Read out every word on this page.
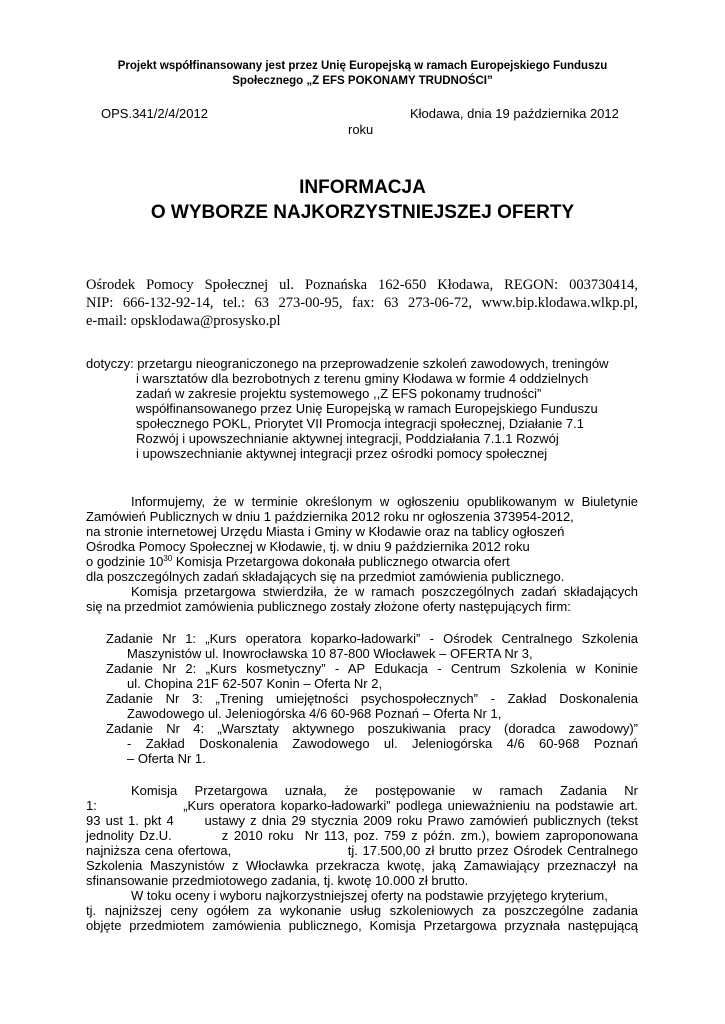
Projekt współfinansowany jest przez Unię Europejską w ramach Europejskiego Funduszu
Społecznego „Z EFS POKONAMY TRUDNOŚCI”
OPS.341/2/4/2012	Kłodawa, dnia 19 października 2012
roku
INFORMACJA
O WYBORZE NAJKORZYSTNIEJSZEJ OFERTY
Ośrodek Pomocy Społecznej ul. Poznańska 162-650 Kłodawa, REGON: 003730414,
NIP: 666-132-92-14, tel.: 63 273-00-95, fax: 63 273-06-72, www.bip.klodawa.wlkp.pl,
e-mail: opsklodawa@prosysko.pl
dotyczy: przetargu nieograniczonego na przeprowadzenie szkoleń zawodowych, treningów
i warsztatów dla bezrobotnych z terenu gminy Kłodawa w formie 4 oddzielnych
zadań w zakresie projektu systemowego ,,Z EFS pokonamy trudności”
współfinansowanego przez Unię Europejską w ramach Europejskiego Funduszu
społecznego POKL, Priorytet VII Promocja integracji społecznej, Działanie 7.1
Rozwój i upowszechnianie aktywnej integracji, Poddziałania 7.1.1 Rozwój
i upowszechnianie aktywnej integracji przez ośrodki pomocy społecznej
Informujemy, że w terminie określonym w ogłoszeniu opublikowanym w Biuletynie
Zamówień Publicznych w dniu 1 października 2012 roku nr ogłoszenia 373954-2012,
na stronie internetowej Urzędu Miasta i Gminy w Kłodawie oraz na tablicy ogłoszeń
Ośrodka Pomocy Społecznej w Kłodawie, tj. w dniu 9 października 2012 roku
o godzinie $10^{30}$ Komisja Przetargowa dokonała publicznego otwarcia ofert
dla poszczególnych zadań składających się na przedmiot zamówienia publicznego.
Komisja przetargowa stwierdziła, że w ramach poszczególnych zadań składających
się na przedmiot zamówienia publicznego zostały złożone oferty następujących firm:
Zadanie Nr 1: „Kurs operatora koparko-ładowarki” - Ośrodek Centralnego Szkolenia
Maszynistów ul. Inowrocławska 10 87-800 Włocławek – OFERTA Nr 3,
Zadanie Nr 2: „Kurs kosmetyczny” - AP Edukacja - Centrum Szkolenia w Koninie
ul. Chopina 21F 62-507 Konin – Oferta Nr 2,
Zadanie Nr 3: „Trening umiejętności psychospołecznych” - Zakład Doskonalenia
Zawodowego ul. Jeleniogórska 4/6 60-968 Poznań – Oferta Nr 1,
Zadanie Nr 4: „Warsztaty aktywnego poszukiwania pracy (doradca zawodowy)”
- Zakład Doskonalenia Zawodowego ul. Jeleniogórska 4/6 60-968 Poznań
– Oferta Nr 1.
Komisja Przetargowa uznała, że postępowanie w ramach Zadania Nr
1:                „Kurs operatora koparko-ładowarki” podlega unieważnieniu na podstawie art.
93 ust 1. pkt 4      ustawy z dnia 29 stycznia 2009 roku Prawo zamówień publicznych (tekst
jednolity Dz.U.         z 2010 roku  Nr 113, poz. 759 z późn. zm.), bowiem zaproponowana
najniższa cena ofertowa,                         tj. 17.500,00 zł brutto przez Ośrodek Centralnego
Szkolenia Maszynistów z Włocławka przekracza kwotę, jaką Zamawiający przeznaczył na
sfinansowanie przedmiotowego zadania, tj. kwotę 10.000 zł brutto.
W toku oceny i wyboru najkorzystniejszej oferty na podstawie przyjętego kryterium,
tj. najniższej ceny ogółem za wykonanie usług szkoleniowych za poszczególne zadania
objęte przedmiotem zamówienia publicznego, Komisja Przetargowa przyznała następującą
